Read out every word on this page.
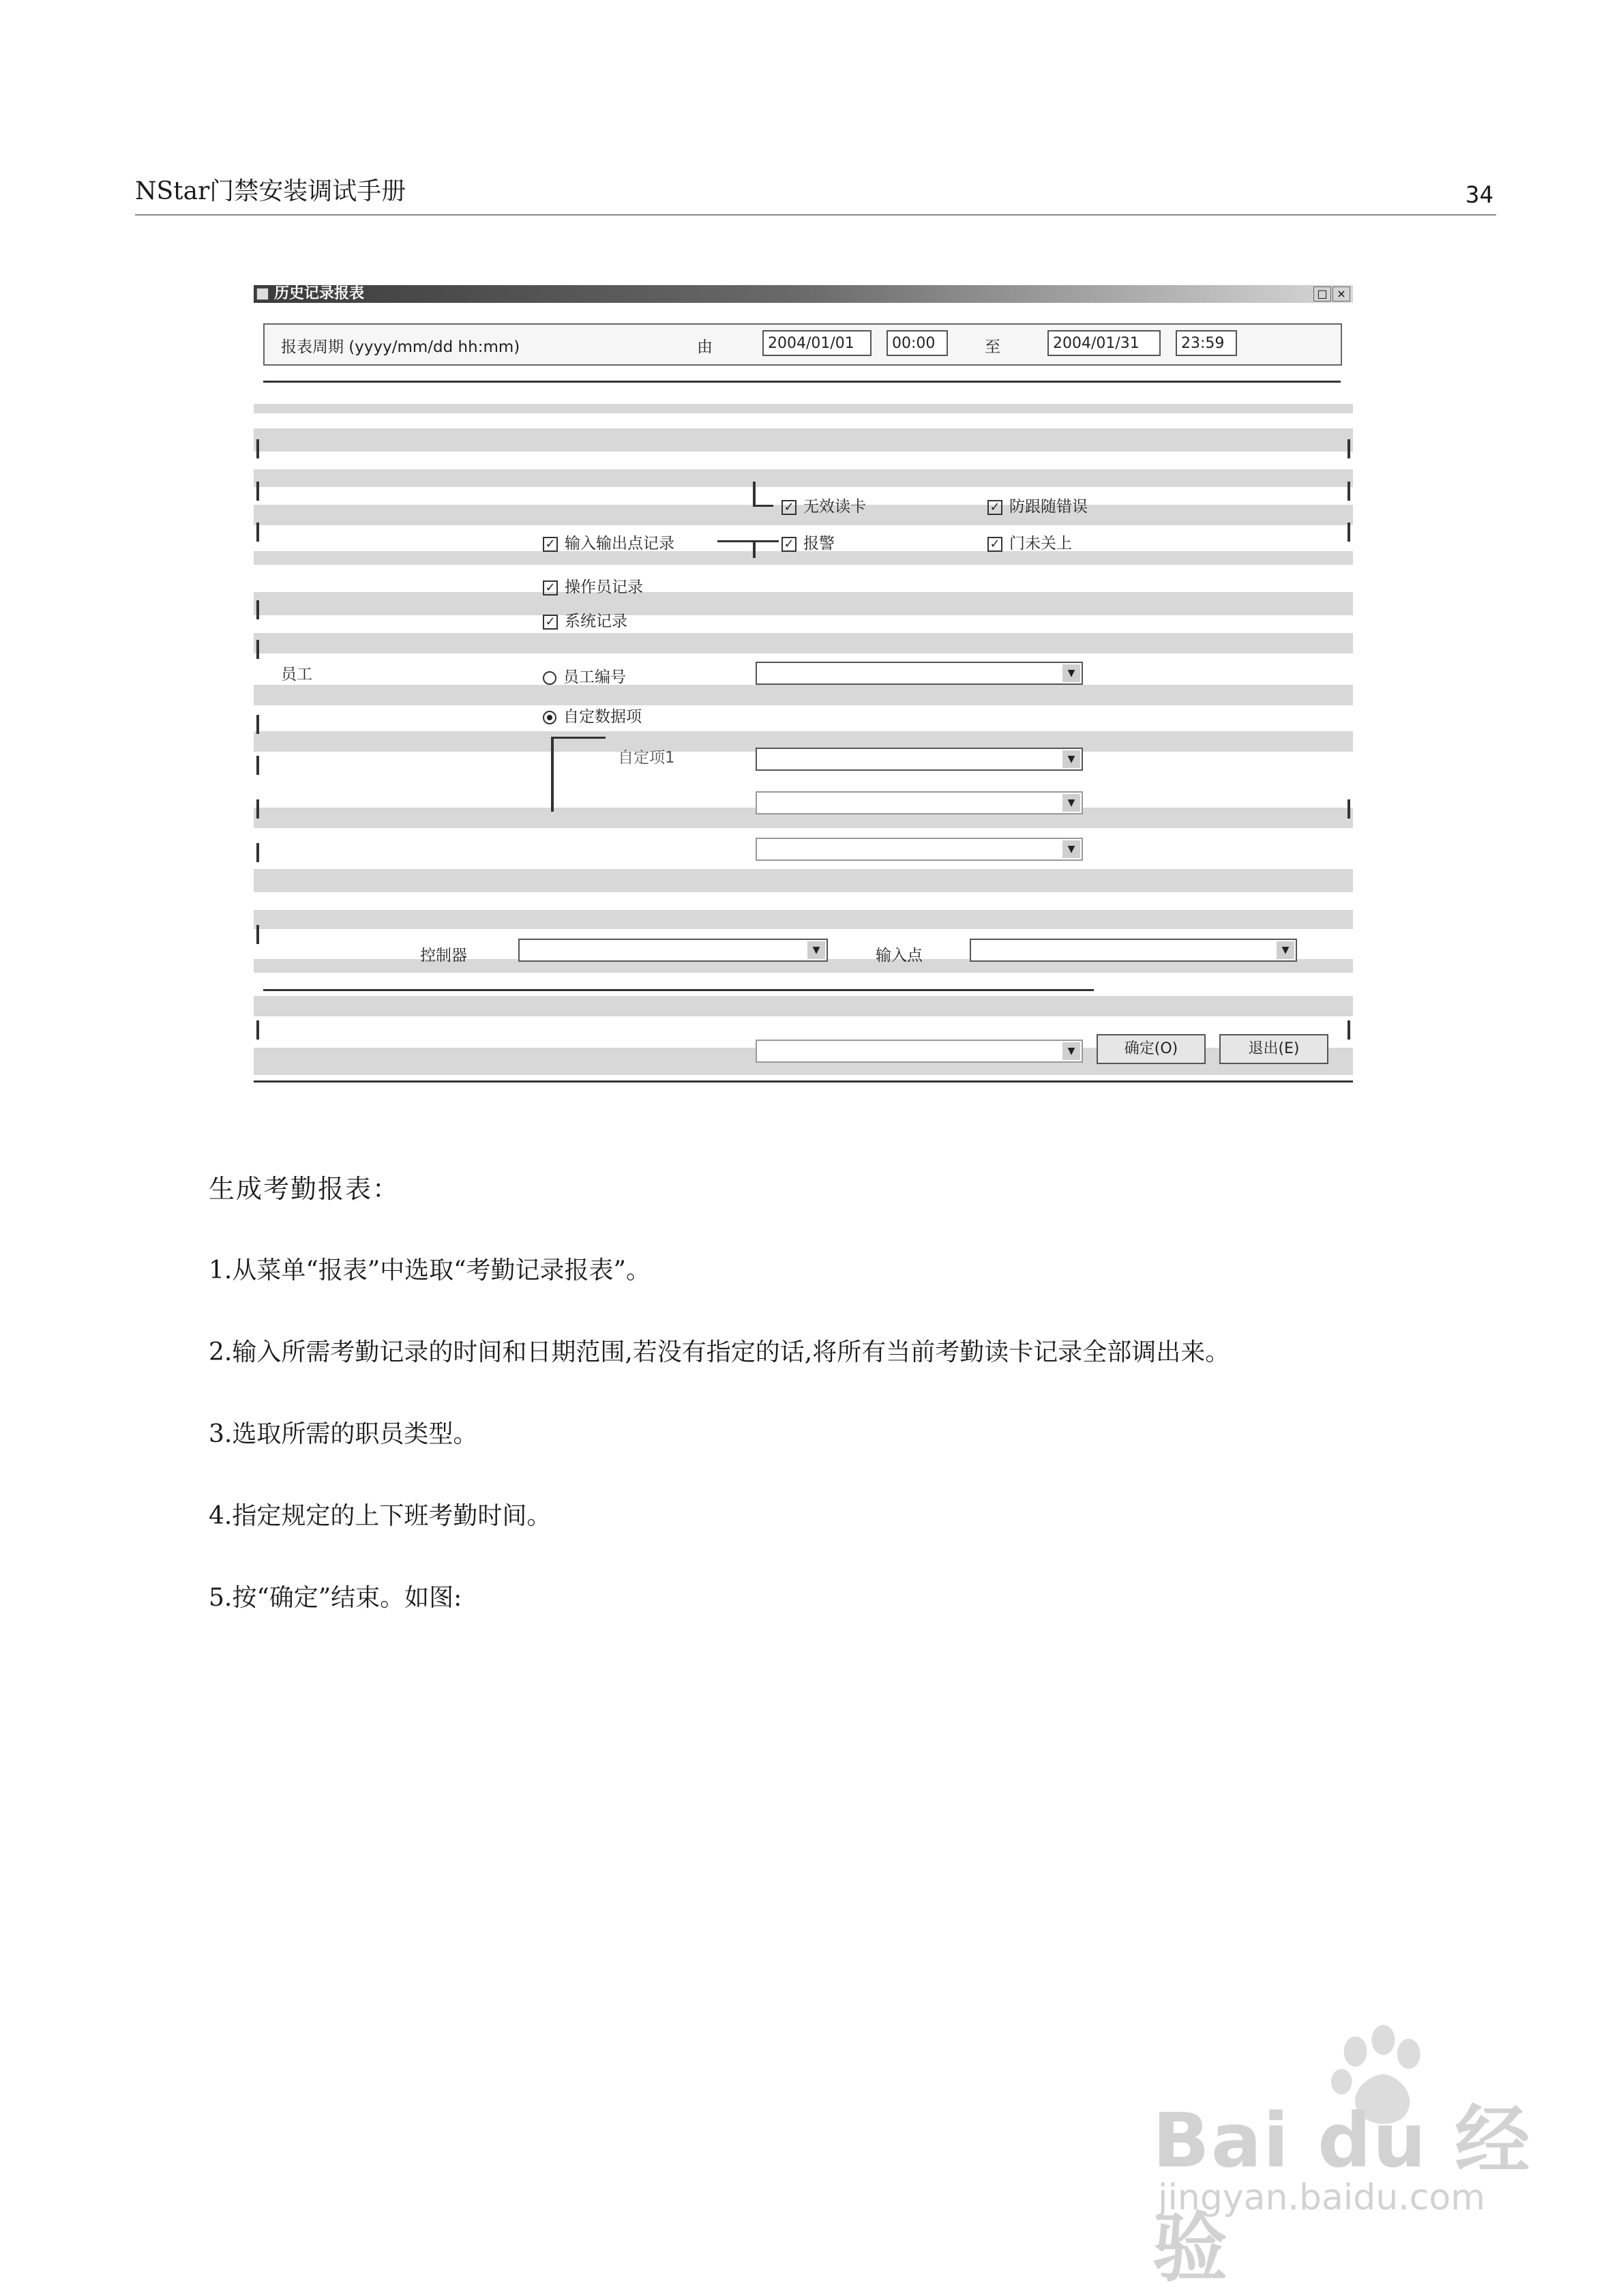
NStar门禁安装调试手册	34
历史记录报表	□ ×
报表周期 (yyyy/mm/dd hh:mm)	由	2004/01/01	00:00	至	2004/01/31	23:59
✓ 无效读卡	✓ 防跟随错误
✓ 输入输出点记录	✓ 报警	✓ 门未关上
✓ 操作员记录
✓ 系统记录
员工	员工编号	▼
自定数据项
自定项1	▼
▼
▼
控制器	▼	输入点	▼
▼	确定(O)	退出(E)
生成考勤报表：
1.从菜单“报表”中选取“考勤记录报表”。
2.输入所需考勤记录的时间和日期范围,若没有指定的话,将所有当前考勤读卡记录全部调出来。
3.选取所需的职员类型。
4.指定规定的上下班考勤时间。
5.按“确定”结束。如图:
Bai du 经验
jingyan.baidu.com
